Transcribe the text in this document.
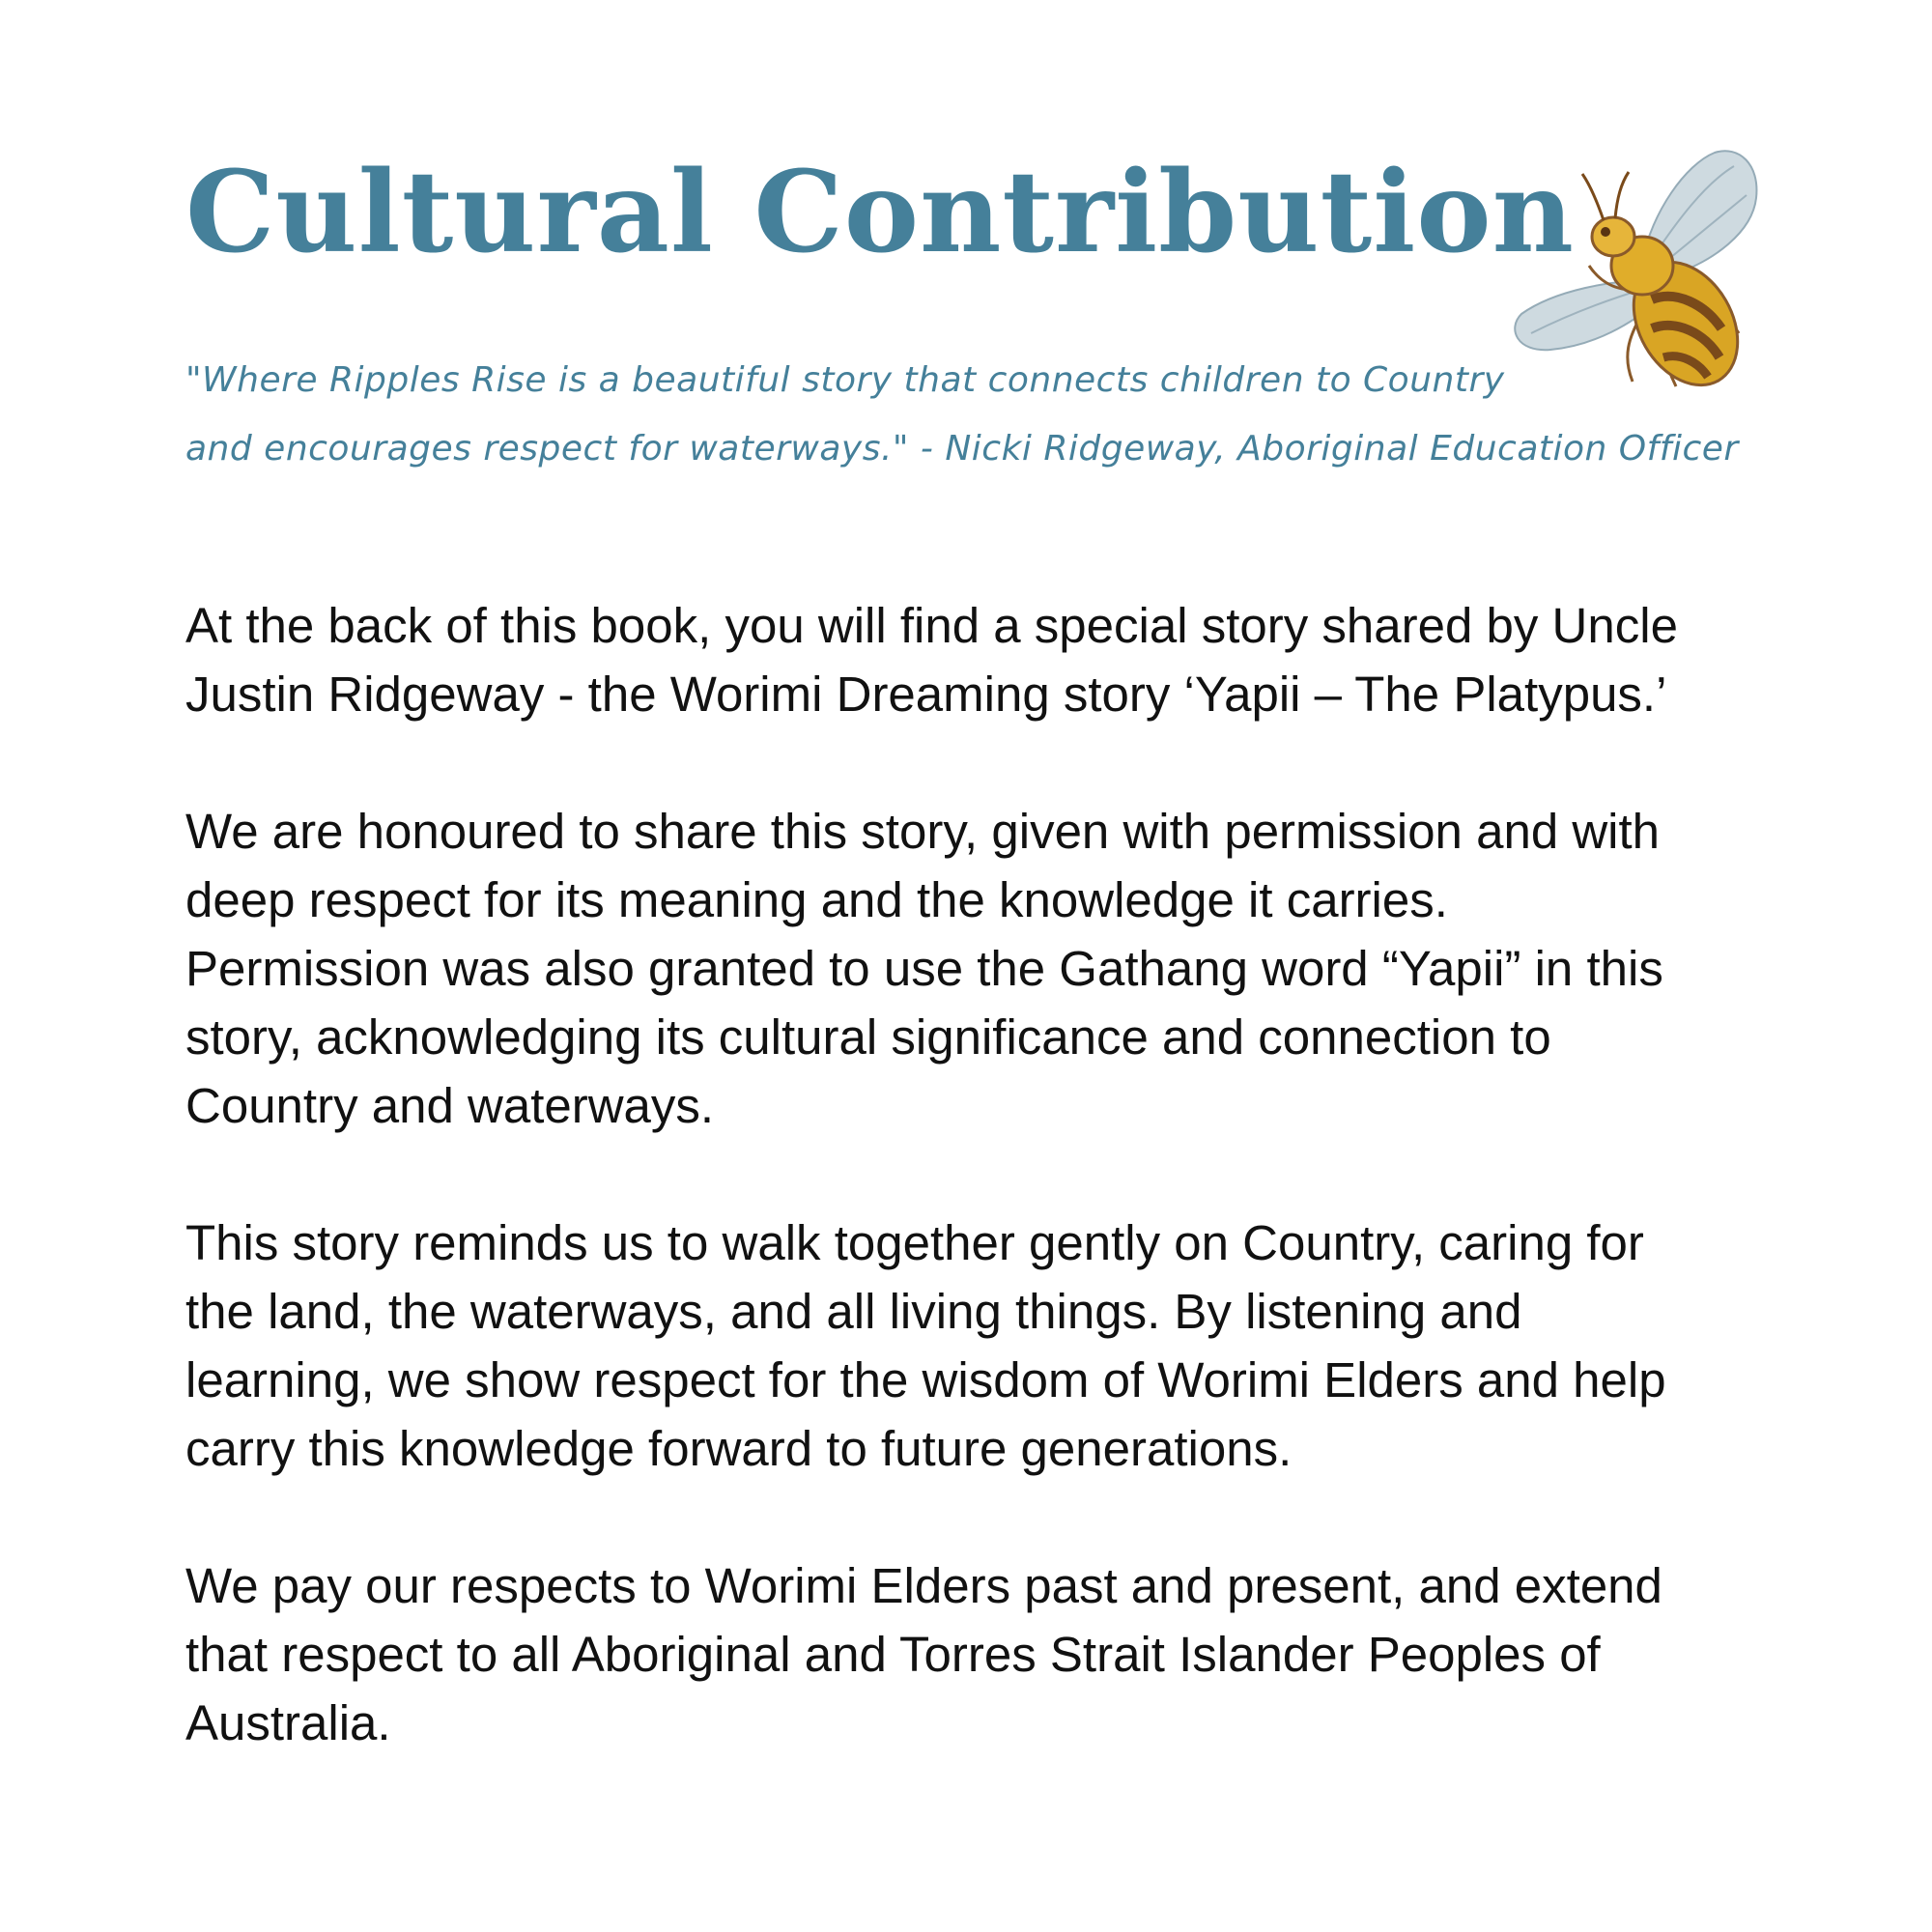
Cultural Contribution
"Where Ripples Rise is a beautiful story that connects children to Country
and encourages respect for waterways." - Nicki Ridgeway, Aboriginal Education Officer

At the back of this book, you will find a special story shared by Uncle
Justin Ridgeway - the Worimi Dreaming story ‘Yapii – The Platypus.’

We are honoured to share this story, given with permission and with
deep respect for its meaning and the knowledge it carries.
Permission was also granted to use the Gathang word “Yapii” in this
story, acknowledging its cultural significance and connection to
Country and waterways.

This story reminds us to walk together gently on Country, caring for
the land, the waterways, and all living things. By listening and
learning, we show respect for the wisdom of Worimi Elders and help
carry this knowledge forward to future generations.

We pay our respects to Worimi Elders past and present, and extend
that respect to all Aboriginal and Torres Strait Islander Peoples of
Australia.
